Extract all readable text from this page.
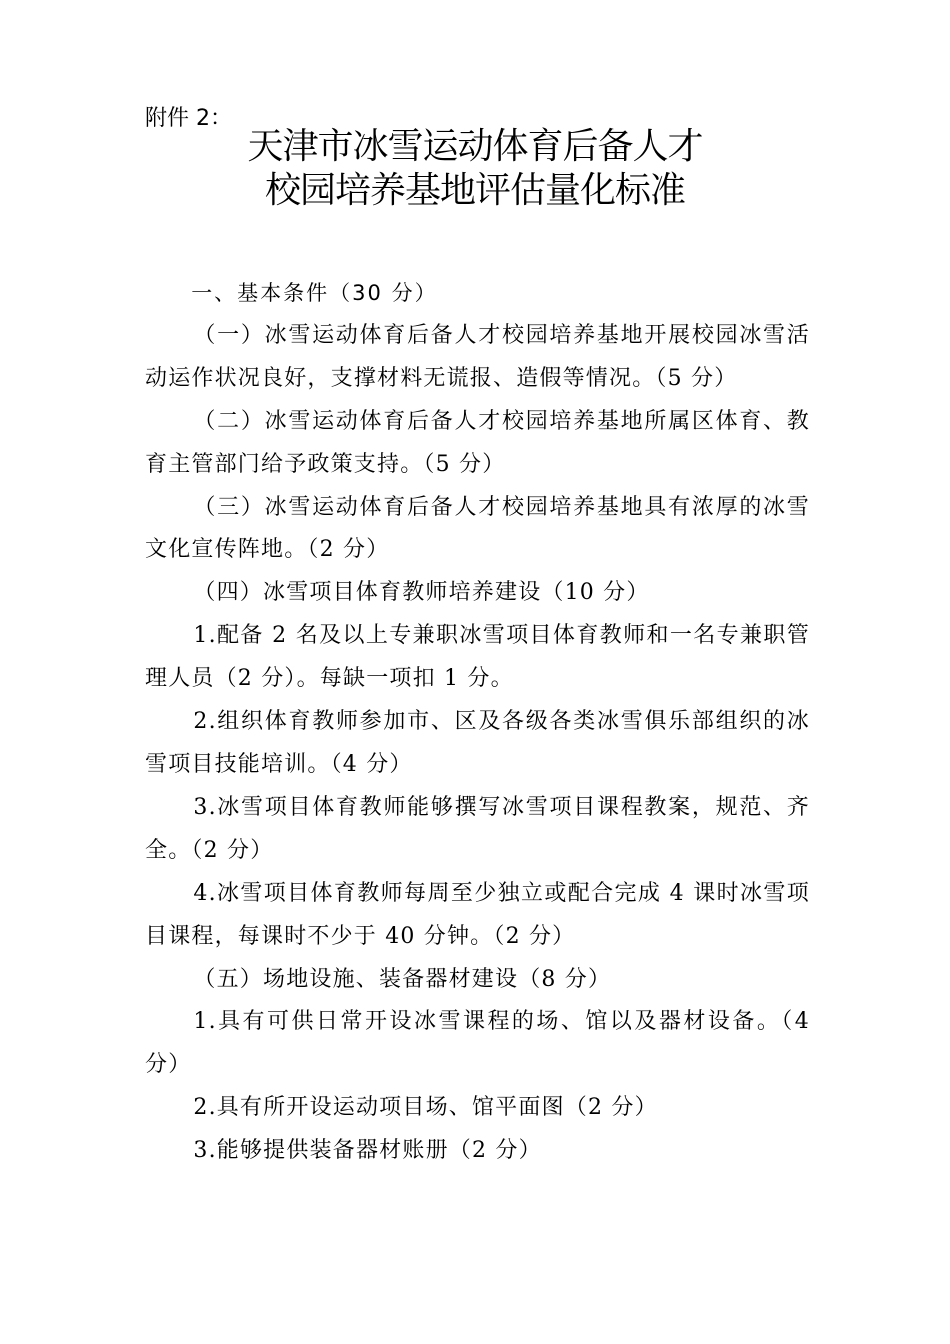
附件 2：
天津市冰雪运动体育后备人才
校园培养基地评估量化标准

一、基本条件（30 分）

（一）冰雪运动体育后备人才校园培养基地开展校园冰雪活动运作状况良好，支撑材料无谎报、造假等情况。（5 分）

（二）冰雪运动体育后备人才校园培养基地所属区体育、教育主管部门给予政策支持。（5 分）

（三）冰雪运动体育后备人才校园培养基地具有浓厚的冰雪文化宣传阵地。（2 分）

（四）冰雪项目体育教师培养建设（10 分）

1.配备 2 名及以上专兼职冰雪项目体育教师和一名专兼职管理人员（2 分）。每缺一项扣 1 分。

2.组织体育教师参加市、区及各级各类冰雪俱乐部组织的冰雪项目技能培训。（4 分）

3.冰雪项目体育教师能够撰写冰雪项目课程教案，规范、齐全。（2 分）

4.冰雪项目体育教师每周至少独立或配合完成 4 课时冰雪项目课程，每课时不少于 40 分钟。（2 分）

（五）场地设施、装备器材建设（8 分）

1.具有可供日常开设冰雪课程的场、馆以及器材设备。（4 分）

2.具有所开设运动项目场、馆平面图（2 分）

3.能够提供装备器材账册（2 分）
